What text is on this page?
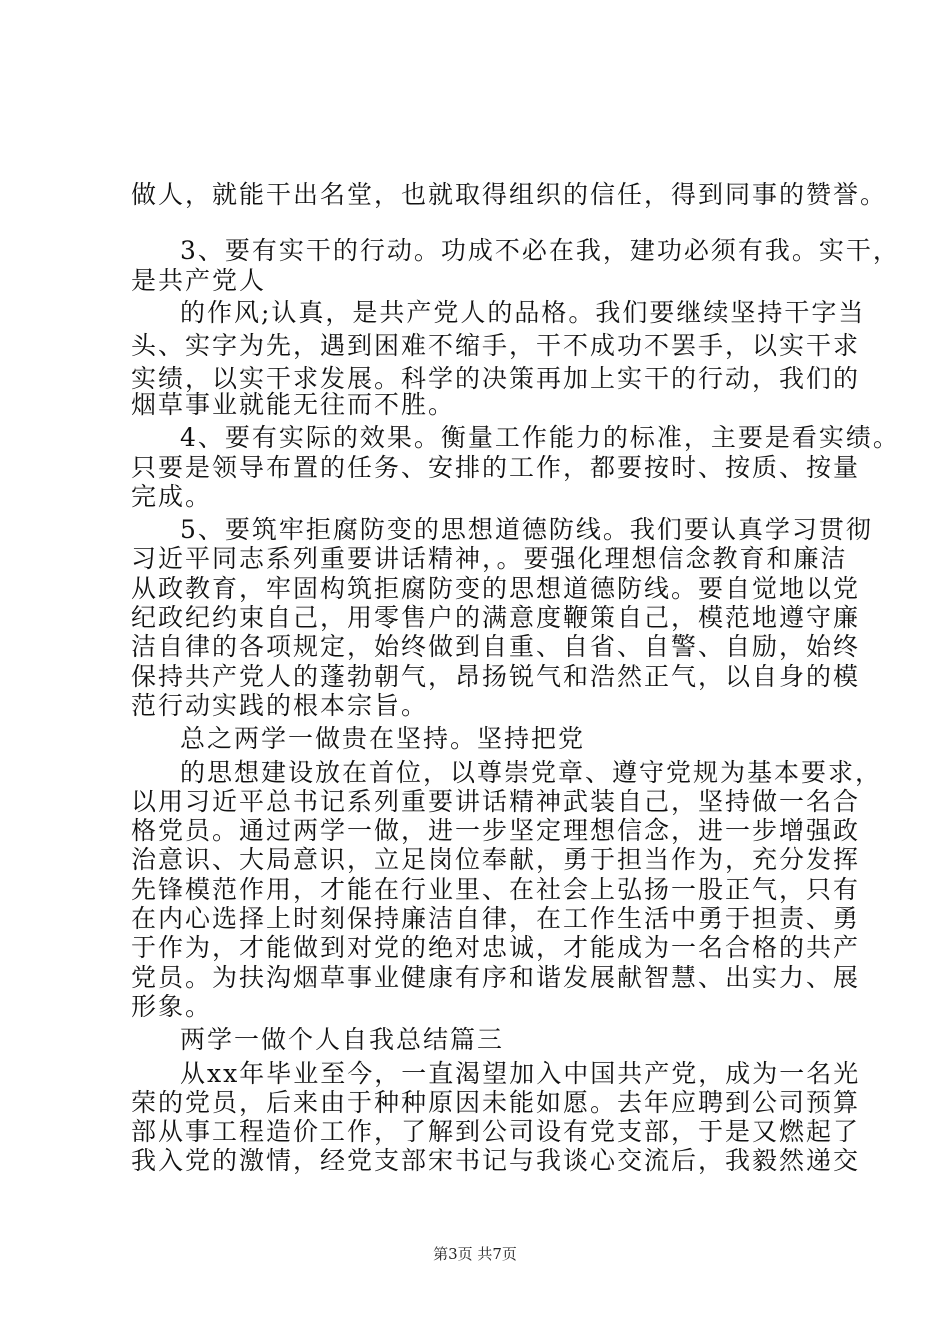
做人，就能干出名堂，也就取得组织的信任，得到同事的赞誉。
3、要有实干的行动。功成不必在我，建功必须有我。实干，
是共产党人
的作风;认真，是共产党人的品格。我们要继续坚持干字当
头、实字为先，遇到困难不缩手，干不成功不罢手，以实干求
实绩，以实干求发展。科学的决策再加上实干的行动，我们的
烟草事业就能无往而不胜。
4、要有实际的效果。衡量工作能力的标准，主要是看实绩。
只要是领导布置的任务、安排的工作，都要按时、按质、按量
完成。
5、要筑牢拒腐防变的思想道德防线。我们要认真学习贯彻
习近平同志系列重要讲话精神，。要强化理想信念教育和廉洁
从政教育，牢固构筑拒腐防变的思想道德防线。要自觉地以党
纪政纪约束自己，用零售户的满意度鞭策自己，模范地遵守廉
洁自律的各项规定，始终做到自重、自省、自警、自励，始终
保持共产党人的蓬勃朝气，昂扬锐气和浩然正气，以自身的模
范行动实践的根本宗旨。
总之两学一做贵在坚持。坚持把党
的思想建设放在首位，以尊崇党章、遵守党规为基本要求，
以用习近平总书记系列重要讲话精神武装自己，坚持做一名合
格党员。通过两学一做，进一步坚定理想信念，进一步增强政
治意识、大局意识，立足岗位奉献，勇于担当作为，充分发挥
先锋模范作用，才能在行业里、在社会上弘扬一股正气，只有
在内心选择上时刻保持廉洁自律，在工作生活中勇于担责、勇
于作为，才能做到对党的绝对忠诚，才能成为一名合格的共产
党员。为扶沟烟草事业健康有序和谐发展献智慧、出实力、展
形象。
两学一做个人自我总结篇三
从xx年毕业至今，一直渴望加入中国共产党，成为一名光
荣的党员，后来由于种种原因未能如愿。去年应聘到公司预算
部从事工程造价工作，了解到公司设有党支部，于是又燃起了
我入党的激情，经党支部宋书记与我谈心交流后，我毅然递交
第3页 共7页
